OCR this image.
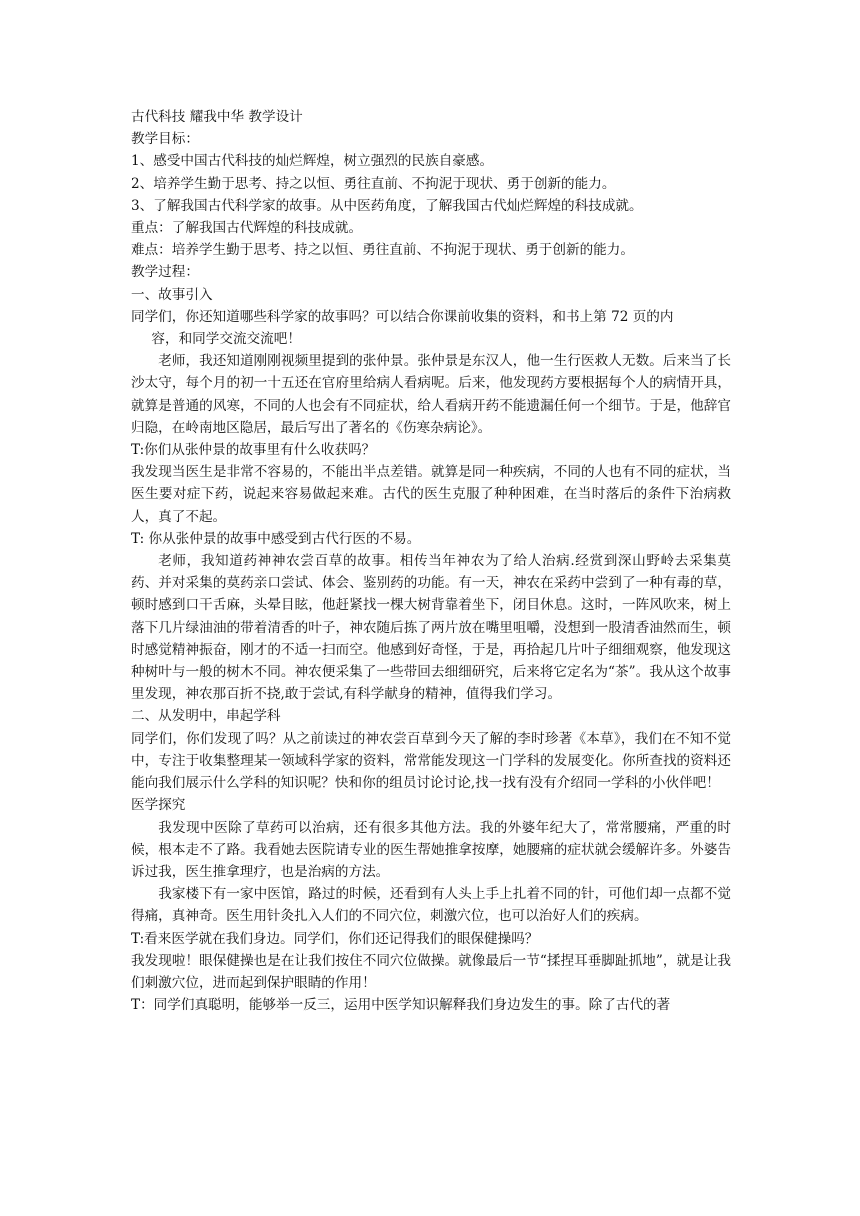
古代科技 耀我中华 教学设计

教学目标：

1、感受中国古代科技的灿烂辉煌，树立强烈的民族自豪感。

2、培养学生勤于思考、持之以恒、勇往直前、不拘泥于现状、勇于创新的能力。

3、了解我国古代科学家的故事。从中医药角度，了解我国古代灿烂辉煌的科技成就。

重点：了解我国古代辉煌的科技成就。

难点：培养学生勤于思考、持之以恒、勇往直前、不拘泥于现状、勇于创新的能力。

教学过程：

一、故事引入

同学们，你还知道哪些科学家的故事吗？可以结合你课前收集的资料，和书上第 72 页的内

容，和同学交流交流吧！

老师，我还知道刚刚视频里提到的张仲景。张仲景是东汉人，他一生行医救人无数。后来当了长沙太守，每个月的初一十五还在官府里给病人看病呢。后来，他发现药方要根据每个人的病情开具，就算是普通的风寒，不同的人也会有不同症状，给人看病开药不能遗漏任何一个细节。于是，他辞官归隐，在岭南地区隐居，最后写出了著名的《伤寒杂病论》。

T:你们从张仲景的故事里有什么收获吗？

我发现当医生是非常不容易的，不能出半点差错。就算是同一种疾病，不同的人也有不同的症状，当医生要对症下药，说起来容易做起来难。古代的医生克服了种种困难，在当时落后的条件下治病救人，真了不起。

T: 你从张仲景的故事中感受到古代行医的不易。

老师，我知道药神神农尝百草的故事。相传当年神农为了给人治病.经赏到深山野岭去采集莫药、并对采集的莫药亲口尝试、体会、鉴别药的功能。有一天，神农在采药中尝到了一种有毒的草，顿时感到口干舌麻，头晕目眩，他赶紧找一棵大树背靠着坐下，闭目休息。这时，一阵风吹来，树上落下几片绿油油的带着清香的叶子，神农随后拣了两片放在嘴里咀嚼，没想到一股清香油然而生，顿时感觉精神振奋，刚才的不适一扫而空。他感到好奇怪，于是，再拾起几片叶子细细观察，他发现这种树叶与一般的树木不同。神农便采集了一些带回去细细研究，后来将它定名为“茶”。我从这个故事里发现，神农那百折不挠,敢于尝试,有科学献身的精神，值得我们学习。

二、从发明中，串起学科

同学们，你们发现了吗？从之前读过的神农尝百草到今天了解的李时珍著《本草》，我们在不知不觉中，专注于收集整理某一领域科学家的资料，常常能发现这一门学科的发展变化。你所查找的资料还能向我们展示什么学科的知识呢？快和你的组员讨论讨论,找一找有没有介绍同一学科的小伙伴吧！

医学探究

我发现中医除了草药可以治病，还有很多其他方法。我的外婆年纪大了，常常腰痛，严重的时候，根本走不了路。我看她去医院请专业的医生帮她推拿按摩，她腰痛的症状就会缓解许多。外婆告诉过我，医生推拿理疗，也是治病的方法。

我家楼下有一家中医馆，路过的时候，还看到有人头上手上扎着不同的针，可他们却一点都不觉得痛，真神奇。医生用针灸扎入人们的不同穴位，刺激穴位，也可以治好人们的疾病。

T:看来医学就在我们身边。同学们，你们还记得我们的眼保健操吗？

我发现啦！眼保健操也是在让我们按住不同穴位做操。就像最后一节“揉捏耳垂脚趾抓地”，就是让我们刺激穴位，进而起到保护眼睛的作用！

T：同学们真聪明，能够举一反三，运用中医学知识解释我们身边发生的事。除了古代的著
